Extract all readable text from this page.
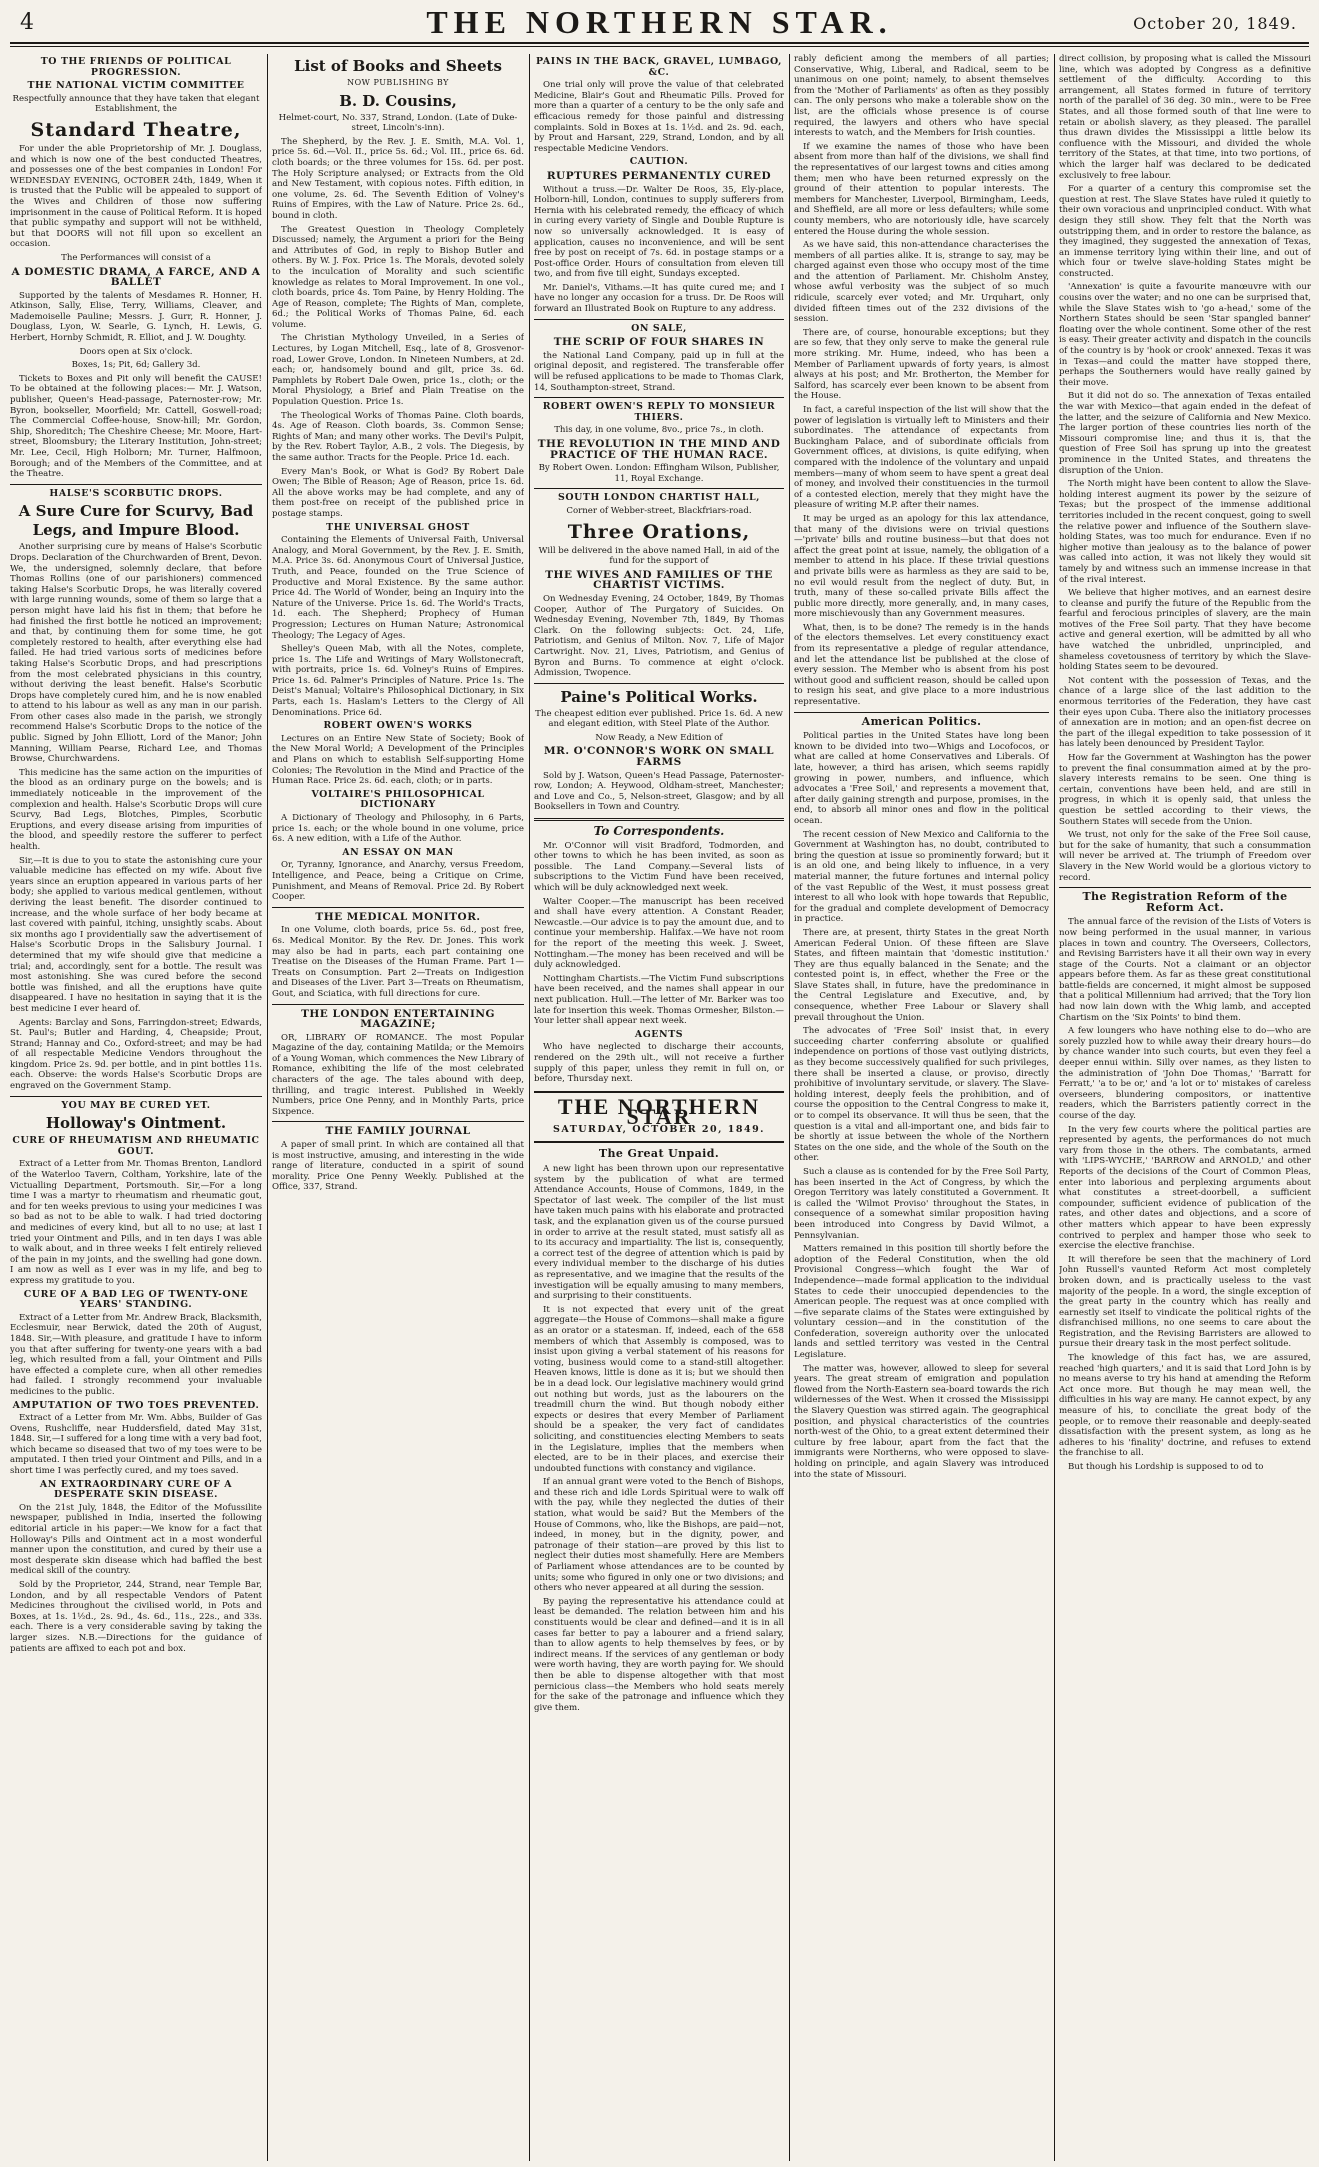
4	THE NORTHERN STAR.	October 20, 1849.
TO THE FRIENDS OF POLITICAL PROGRESSION.
THE NATIONAL VICTIM COMMITTEE

Respectfully announce that they have taken that elegant Establishment, the

Standard Theatre,

For under the able Proprietorship of Mr. J. Douglass, and which is now one of the best conducted Theatres, and possesses one of the best companies in London! For WEDNESDAY EVENING, OCTOBER 24th, 1849, When it is trusted that the Public will be appealed to support of the Wives and Children of those now suffering imprisonment in the cause of Political Reform. It is hoped that public sympathy and support will not be withheld, but that DOORS will not fill upon so excellent an occasion.

The Performances will consist of a

A DOMESTIC DRAMA, A FARCE, AND A BALLET

Supported by the talents of Mesdames R. Honner, H. Atkinson, Sally, Elise, Terry, Williams, Cleaver, and Mademoiselle Pauline; Messrs. J. Gurr, R. Honner, J. Douglass, Lyon, W. Searle, G. Lynch, H. Lewis, G. Herbert, Hornby Schmidt, R. Elliot, and J. W. Doughty.

Doors open at Six o'clock.

Boxes, 1s; Pit, 6d; Gallery 3d.

Tickets to Boxes and Pit only will benefit the CAUSE! To be obtained at the following places:— Mr. J. Watson, publisher, Queen's Head-passage, Paternoster-row; Mr. Byron, bookseller, Moorfield; Mr. Cattell, Goswell-road; The Commercial Coffee-house, Snow-hill; Mr. Gordon, Ship, Shoreditch; The Cheshire Cheese; Mr. Moore, Hart-street, Bloomsbury; the Literary Institution, John-street; Mr. Lee, Cecil, High Holborn; Mr. Turner, Halfmoon, Borough; and of the Members of the Committee, and at the Theatre.

HALSE'S SCORBUTIC DROPS.
A Sure Cure for Scurvy, Bad Legs, and Impure Blood.

Another surprising cure by means of Halse's Scorbutic Drops. Declaration of the Churchwarden of Brent, Devon. We, the undersigned, solemnly declare, that before Thomas Rollins (one of our parishioners) commenced taking Halse's Scorbutic Drops, he was literally covered with large running wounds, some of them so large that a person might have laid his fist in them; that before he had finished the first bottle he noticed an improvement; and that, by continuing them for some time, he got completely restored to health, after everything else had failed. He had tried various sorts of medicines before taking Halse's Scorbutic Drops, and had prescriptions from the most celebrated physicians in this country, without deriving the least benefit. Halse's Scorbutic Drops have completely cured him, and he is now enabled to attend to his labour as well as any man in our parish. From other cases also made in the parish, we strongly recommend Halse's Scorbutic Drops to the notice of the public. Signed by John Elliott, Lord of the Manor; John Manning, William Pearse, Richard Lee, and Thomas Browse, Churchwardens.

This medicine has the same action on the impurities of the blood as an ordinary purge on the bowels; and is immediately noticeable in the improvement of the complexion and health. Halse's Scorbutic Drops will cure Scurvy, Bad Legs, Blotches, Pimples, Scorbutic Eruptions, and every disease arising from impurities of the blood, and speedily restore the sufferer to perfect health.

Sir,—It is due to you to state the astonishing cure your valuable medicine has effected on my wife. About five years since an eruption appeared in various parts of her body; she applied to various medical gentlemen, without deriving the least benefit. The disorder continued to increase, and the whole surface of her body became at last covered with painful, itching, unsightly scabs. About six months ago I providentially saw the advertisement of Halse's Scorbutic Drops in the Salisbury Journal. I determined that my wife should give that medicine a trial; and, accordingly, sent for a bottle. The result was most astonishing. She was cured before the second bottle was finished, and all the eruptions have quite disappeared. I have no hesitation in saying that it is the best medicine I ever heard of.

Agents: Barclay and Sons, Farringdon-street; Edwards, St. Paul's; Butler and Harding, 4, Cheapside; Prout, Strand; Hannay and Co., Oxford-street; and may be had of all respectable Medicine Vendors throughout the kingdom. Price 2s. 9d. per bottle, and in pint bottles 11s. each. Observe: the words Halse's Scorbutic Drops are engraved on the Government Stamp.

YOU MAY BE CURED YET.
Holloway's Ointment.
CURE OF RHEUMATISM AND RHEUMATIC GOUT.

Extract of a Letter from Mr. Thomas Brenton, Landlord of the Waterloo Tavern, Coltham, Yorkshire, late of the Victualling Department, Portsmouth. Sir,—For a long time I was a martyr to rheumatism and rheumatic gout, and for ten weeks previous to using your medicines I was so bad as not to be able to walk. I had tried doctoring and medicines of every kind, but all to no use; at last I tried your Ointment and Pills, and in ten days I was able to walk about, and in three weeks I felt entirely relieved of the pain in my joints, and the swelling had gone down. I am now as well as I ever was in my life, and beg to express my gratitude to you.

CURE OF A BAD LEG OF TWENTY-ONE YEARS' STANDING.

Extract of a Letter from Mr. Andrew Brack, Blacksmith, Ecclesmuir, near Berwick, dated the 20th of August, 1848. Sir,—With pleasure, and gratitude I have to inform you that after suffering for twenty-one years with a bad leg, which resulted from a fall, your Ointment and Pills have effected a complete cure, when all other remedies had failed. I strongly recommend your invaluable medicines to the public.

AMPUTATION OF TWO TOES PREVENTED.

Extract of a Letter from Mr. Wm. Abbs, Builder of Gas Ovens, Rushcliffe, near Huddersfield, dated May 31st, 1848. Sir,—I suffered for a long time with a very bad foot, which became so diseased that two of my toes were to be amputated. I then tried your Ointment and Pills, and in a short time I was perfectly cured, and my toes saved.

AN EXTRAORDINARY CURE OF A DESPERATE SKIN DISEASE.

On the 21st July, 1848, the Editor of the Mofussilite newspaper, published in India, inserted the following editorial article in his paper:—We know for a fact that Holloway's Pills and Ointment act in a most wonderful manner upon the constitution, and cured by their use a most desperate skin disease which had baffled the best medical skill of the country.

Sold by the Proprietor, 244, Strand, near Temple Bar, London, and by all respectable Vendors of Patent Medicines throughout the civilised world, in Pots and Boxes, at 1s. 1½d., 2s. 9d., 4s. 6d., 11s., 22s., and 33s. each. There is a very considerable saving by taking the larger sizes. N.B.—Directions for the guidance of patients are affixed to each pot and box.

List of Books and Sheets

NOW PUBLISHING BY

B. D. Cousins,

Helmet-court, No. 337, Strand, London. (Late of Duke-street, Lincoln's-inn).

The Shepherd, by the Rev. J. E. Smith, M.A. Vol. 1, price 5s. 6d.—Vol. II., price 5s. 6d.; Vol. III., price 6s. 6d. cloth boards; or the three volumes for 15s. 6d. per post. The Holy Scripture analysed; or Extracts from the Old and New Testament, with copious notes. Fifth edition, in one volume, 2s. 6d. The Seventh Edition of Volney's Ruins of Empires, with the Law of Nature. Price 2s. 6d., bound in cloth.

The Greatest Question in Theology Completely Discussed; namely, the Argument a priori for the Being and Attributes of God, in reply to Bishop Butler and others. By W. J. Fox. Price 1s. The Morals, devoted solely to the inculcation of Morality and such scientific knowledge as relates to Moral Improvement. In one vol., cloth boards, price 4s. Tom Paine, by Henry Holding. The Age of Reason, complete; The Rights of Man, complete, 6d.; the Political Works of Thomas Paine, 6d. each volume.

The Christian Mythology Unveiled, in a Series of Lectures, by Logan Mitchell, Esq., late of 8, Grosvenor-road, Lower Grove, London. In Nineteen Numbers, at 2d. each; or, handsomely bound and gilt, price 3s. 6d. Pamphlets by Robert Dale Owen, price 1s., cloth; or the Moral Physiology, a Brief and Plain Treatise on the Population Question. Price 1s.

The Theological Works of Thomas Paine. Cloth boards, 4s. Age of Reason. Cloth boards, 3s. Common Sense; Rights of Man; and many other works. The Devil's Pulpit, by the Rev. Robert Taylor, A.B., 2 vols. The Diegesis, by the same author. Tracts for the People. Price 1d. each.

Every Man's Book, or What is God? By Robert Dale Owen; The Bible of Reason; Age of Reason, price 1s. 6d. All the above works may be had complete, and any of them post-free on receipt of the published price in postage stamps.

THE UNIVERSAL GHOST

Containing the Elements of Universal Faith, Universal Analogy, and Moral Government, by the Rev. J. E. Smith, M.A. Price 3s. 6d. Anonymous Court of Universal Justice, Truth, and Peace, founded on the True Science of Productive and Moral Existence. By the same author. Price 4d. The World of Wonder, being an Inquiry into the Nature of the Universe. Price 1s. 6d. The World's Tracts, 1d. each. The Shepherd; Prophecy of Human Progression; Lectures on Human Nature; Astronomical Theology; The Legacy of Ages.

Shelley's Queen Mab, with all the Notes, complete, price 1s. The Life and Writings of Mary Wollstonecraft, with portraits, price 1s. 6d. Volney's Ruins of Empires. Price 1s. 6d. Palmer's Principles of Nature. Price 1s. The Deist's Manual; Voltaire's Philosophical Dictionary, in Six Parts, each 1s. Haslam's Letters to the Clergy of All Denominations. Price 6d.

ROBERT OWEN'S WORKS

Lectures on an Entire New State of Society; Book of the New Moral World; A Development of the Principles and Plans on which to establish Self-supporting Home Colonies; The Revolution in the Mind and Practice of the Human Race. Price 2s. 6d. each, cloth; or in parts.

VOLTAIRE'S PHILOSOPHICAL DICTIONARY

A Dictionary of Theology and Philosophy, in 6 Parts, price 1s. each; or the whole bound in one volume, price 6s. A new edition, with a Life of the Author.

AN ESSAY ON MAN

Or, Tyranny, Ignorance, and Anarchy, versus Freedom, Intelligence, and Peace, being a Critique on Crime, Punishment, and Means of Removal. Price 2d. By Robert Cooper.

THE MEDICAL MONITOR.

In one Volume, cloth boards, price 5s. 6d., post free, 6s. Medical Monitor. By the Rev. Dr. Jones. This work may also be had in parts, each part containing one Treatise on the Diseases of the Human Frame. Part 1—Treats on Consumption. Part 2—Treats on Indigestion and Diseases of the Liver. Part 3—Treats on Rheumatism, Gout, and Sciatica, with full directions for cure.

THE LONDON ENTERTAINING MAGAZINE;

OR, LIBRARY OF ROMANCE. The most Popular Magazine of the day, containing Matilda; or the Memoirs of a Young Woman, which commences the New Library of Romance, exhibiting the life of the most celebrated characters of the age. The tales abound with deep, thrilling, and tragic interest. Published in Weekly Numbers, price One Penny, and in Monthly Parts, price Sixpence.

THE FAMILY JOURNAL

A paper of small print. In which are contained all that is most instructive, amusing, and interesting in the wide range of literature, conducted in a spirit of sound morality. Price One Penny Weekly. Published at the Office, 337, Strand.

PAINS IN THE BACK, GRAVEL, LUMBAGO, &C.

One trial only will prove the value of that celebrated Medicine, Blair's Gout and Rheumatic Pills. Proved for more than a quarter of a century to be the only safe and efficacious remedy for those painful and distressing complaints. Sold in Boxes at 1s. 1½d. and 2s. 9d. each, by Prout and Harsant, 229, Strand, London, and by all respectable Medicine Vendors.

CAUTION.
RUPTURES PERMANENTLY CURED

Without a truss.—Dr. Walter De Roos, 35, Ely-place, Holborn-hill, London, continues to supply sufferers from Hernia with his celebrated remedy, the efficacy of which in curing every variety of Single and Double Rupture is now so universally acknowledged. It is easy of application, causes no inconvenience, and will be sent free by post on receipt of 7s. 6d. in postage stamps or a Post-office Order. Hours of consultation from eleven till two, and from five till eight, Sundays excepted.

Mr. Daniel's, Vithams.—It has quite cured me; and I have no longer any occasion for a truss. Dr. De Roos will forward an Illustrated Book on Rupture to any address.

ON SALE,
THE SCRIP OF FOUR SHARES IN

the National Land Company, paid up in full at the original deposit, and registered. The transferable offer will be refused applications to be made to Thomas Clark, 14, Southampton-street, Strand.

ROBERT OWEN'S REPLY TO MONSIEUR THIERS.

This day, in one volume, 8vo., price 7s., in cloth.

THE REVOLUTION IN THE MIND AND PRACTICE OF THE HUMAN RACE.

By Robert Owen. London: Effingham Wilson, Publisher, 11, Royal Exchange.

SOUTH LONDON CHARTIST HALL,

Corner of Webber-street, Blackfriars-road.

Three Orations,

Will be delivered in the above named Hall, in aid of the fund for the support of

THE WIVES AND FAMILIES OF THE CHARTIST VICTIMS.

On Wednesday Evening, 24 October, 1849, By Thomas Cooper, Author of The Purgatory of Suicides. On Wednesday Evening, November 7th, 1849, By Thomas Clark. On the following subjects: Oct. 24, Life, Patriotism, and Genius of Milton. Nov. 7, Life of Major Cartwright. Nov. 21, Lives, Patriotism, and Genius of Byron and Burns. To commence at eight o'clock. Admission, Twopence.

Paine's Political Works.

The cheapest edition ever published. Price 1s. 6d. A new and elegant edition, with Steel Plate of the Author.

Now Ready, a New Edition of

MR. O'CONNOR'S WORK ON SMALL FARMS

Sold by J. Watson, Queen's Head Passage, Paternoster-row, London; A. Heywood, Oldham-street, Manchester; and Love and Co., 5, Nelson-street, Glasgow; and by all Booksellers in Town and Country.

To Correspondents.

Mr. O'Connor will visit Bradford, Todmorden, and other towns to which he has been invited, as soon as possible. The Land Company.—Several lists of subscriptions to the Victim Fund have been received, which will be duly acknowledged next week.

Walter Cooper.—The manuscript has been received and shall have every attention. A Constant Reader, Newcastle.—Our advice is to pay the amount due, and to continue your membership. Halifax.—We have not room for the report of the meeting this week. J. Sweet, Nottingham.—The money has been received and will be duly acknowledged.

Nottingham Chartists.—The Victim Fund subscriptions have been received, and the names shall appear in our next publication. Hull.—The letter of Mr. Barker was too late for insertion this week. Thomas Ormesher, Bilston.—Your letter shall appear next week.

AGENTS

Who have neglected to discharge their accounts, rendered on the 29th ult., will not receive a further supply of this paper, unless they remit in full on, or before, Thursday next.

THE NORTHERN STAR
SATURDAY, OCTOBER 20, 1849.
The Great Unpaid.

A new light has been thrown upon our representative system by the publication of what are termed Attendance Accounts, House of Commons, 1849, in the Spectator of last week. The compiler of the list must have taken much pains with his elaborate and protracted task, and the explanation given us of the course pursued in order to arrive at the result stated, must satisfy all as to its accuracy and impartiality. The list is, consequently, a correct test of the degree of attention which is paid by every individual member to the discharge of his duties as representative, and we imagine that the results of the investigation will be equally amusing to many members, and surprising to their constituents.

It is not expected that every unit of the great aggregate—the House of Commons—shall make a figure as an orator or a statesman. If, indeed, each of the 658 members of which that Assembly is composed, was to insist upon giving a verbal statement of his reasons for voting, business would come to a stand-still altogether. Heaven knows, little is done as it is; but we should then be in a dead lock. Our legislative machinery would grind out nothing but words, just as the labourers on the treadmill churn the wind. But though nobody either expects or desires that every Member of Parliament should be a speaker, the very fact of candidates soliciting, and constituencies electing Members to seats in the Legislature, implies that the members when elected, are to be in their places, and exercise their undoubted functions with constancy and vigilance.

If an annual grant were voted to the Bench of Bishops, and these rich and idle Lords Spiritual were to walk off with the pay, while they neglected the duties of their station, what would be said? But the Members of the House of Commons, who, like the Bishops, are paid—not, indeed, in money, but in the dignity, power, and patronage of their station—are proved by this list to neglect their duties most shamefully. Here are Members of Parliament whose attendances are to be counted by units; some who figured in only one or two divisions; and others who never appeared at all during the session.

By paying the representative his attendance could at least be demanded. The relation between him and his constituents would be clear and defined—and it is in all cases far better to pay a labourer and a friend salary, than to allow agents to help themselves by fees, or by indirect means. If the services of any gentleman or body were worth having, they are worth paying for. We should then be able to dispense altogether with that most pernicious class—the Members who hold seats merely for the sake of the patronage and influence which they give them.

rably deficient among the members of all parties; Conservative, Whig, Liberal, and Radical, seem to be unanimous on one point; namely, to absent themselves from the 'Mother of Parliaments' as often as they possibly can. The only persons who make a tolerable show on the list, are the officials whose presence is of course required, the lawyers and others who have special interests to watch, and the Members for Irish counties.

If we examine the names of those who have been absent from more than half of the divisions, we shall find the representatives of our largest towns and cities among them; men who have been returned expressly on the ground of their attention to popular interests. The members for Manchester, Liverpool, Birmingham, Leeds, and Sheffield, are all more or less defaulters; while some county members, who are notoriously idle, have scarcely entered the House during the whole session.

As we have said, this non-attendance characterises the members of all parties alike. It is, strange to say, may be charged against even those who occupy most of the time and the attention of Parliament. Mr. Chisholm Anstey, whose awful verbosity was the subject of so much ridicule, scarcely ever voted; and Mr. Urquhart, only divided fifteen times out of the 232 divisions of the session.

There are, of course, honourable exceptions; but they are so few, that they only serve to make the general rule more striking. Mr. Hume, indeed, who has been a Member of Parliament upwards of forty years, is almost always at his post; and Mr. Brotherton, the Member for Salford, has scarcely ever been known to be absent from the House.

In fact, a careful inspection of the list will show that the power of legislation is virtually left to Ministers and their subordinates. The attendance of expectants from Buckingham Palace, and of subordinate officials from Government offices, at divisions, is quite edifying, when compared with the indolence of the voluntary and unpaid members—many of whom seem to have spent a great deal of money, and involved their constituencies in the turmoil of a contested election, merely that they might have the pleasure of writing M.P. after their names.

It may be urged as an apology for this lax attendance, that many of the divisions were on trivial questions—'private' bills and routine business—but that does not affect the great point at issue, namely, the obligation of a member to attend in his place. If these trivial questions and private bills were as harmless as they are said to be, no evil would result from the neglect of duty. But, in truth, many of these so-called private Bills affect the public more directly, more generally, and, in many cases, more mischievously than any Government measures.

What, then, is to be done? The remedy is in the hands of the electors themselves. Let every constituency exact from its representative a pledge of regular attendance, and let the attendance list be published at the close of every session. The Member who is absent from his post without good and sufficient reason, should be called upon to resign his seat, and give place to a more industrious representative.

American Politics.

Political parties in the United States have long been known to be divided into two—Whigs and Locofocos, or what are called at home Conservatives and Liberals. Of late, however, a third has arisen, which seems rapidly growing in power, numbers, and influence, which advocates a 'Free Soil,' and represents a movement that, after daily gaining strength and purpose, promises, in the end, to absorb all minor ones and flow in the political ocean.

The recent cession of New Mexico and California to the Government at Washington has, no doubt, contributed to bring the question at issue so prominently forward; but it is an old one, and being likely to influence, in a very material manner, the future fortunes and internal policy of the vast Republic of the West, it must possess great interest to all who look with hope towards that Republic, for the gradual and complete development of Democracy in practice.

There are, at present, thirty States in the great North American Federal Union. Of these fifteen are Slave States, and fifteen maintain that 'domestic institution.' They are thus equally balanced in the Senate; and the contested point is, in effect, whether the Free or the Slave States shall, in future, have the predominance in the Central Legislature and Executive, and, by consequence, whether Free Labour or Slavery shall prevail throughout the Union.

The advocates of 'Free Soil' insist that, in every succeeding charter conferring absolute or qualified independence on portions of those vast outlying districts, as they become successively qualified for such privileges, there shall be inserted a clause, or proviso, directly prohibitive of involuntary servitude, or slavery. The Slave-holding interest, deeply feels the prohibition, and of course the opposition to the Central Congress to make it, or to compel its observance. It will thus be seen, that the question is a vital and all-important one, and bids fair to be shortly at issue between the whole of the Northern States on the one side, and the whole of the South on the other.

Such a clause as is contended for by the Free Soil Party, has been inserted in the Act of Congress, by which the Oregon Territory was lately constituted a Government. It is called the 'Wilmot Proviso' throughout the States, in consequence of a somewhat similar proposition having been introduced into Congress by David Wilmot, a Pennsylvanian.

Matters remained in this position till shortly before the adoption of the Federal Constitution, when the old Provisional Congress—which fought the War of Independence—made formal application to the individual States to cede their unoccupied dependencies to the American people. The request was at once complied with—five separate claims of the States were extinguished by voluntary cession—and in the constitution of the Confederation, sovereign authority over the unlocated lands and settled territory was vested in the Central Legislature.

The matter was, however, allowed to sleep for several years. The great stream of emigration and population flowed from the North-Eastern sea-board towards the rich wildernesses of the West. When it crossed the Mississippi the Slavery Question was stirred again. The geographical position, and physical characteristics of the countries north-west of the Ohio, to a great extent determined their culture by free labour, apart from the fact that the immigrants were Northerns, who were opposed to slave-holding on principle, and again Slavery was introduced into the state of Missouri.

direct collision, by proposing what is called the Missouri line, which was adopted by Congress as a definitive settlement of the difficulty. According to this arrangement, all States formed in future of territory north of the parallel of 36 deg. 30 min., were to be Free States, and all those formed south of that line were to retain or abolish slavery, as they pleased. The parallel thus drawn divides the Mississippi a little below its confluence with the Missouri, and divided the whole territory of the States, at that time, into two portions, of which the larger half was declared to be dedicated exclusively to free labour.

For a quarter of a century this compromise set the question at rest. The Slave States have ruled it quietly to their own voracious and unprincipled conduct. With what design they still show. They felt that the North was outstripping them, and in order to restore the balance, as they imagined, they suggested the annexation of Texas, an immense territory lying within their line, and out of which four or twelve slave-holding States might be constructed.

'Annexation' is quite a favourite manœuvre with our cousins over the water; and no one can be surprised that, while the Slave States wish to 'go a-head,' some of the Northern States should be seen 'Star spangled banner' floating over the whole continent. Some other of the rest is easy. Their greater activity and dispatch in the councils of the country is by 'hook or crook' annexed. Texas it was in Texas—and could the matter have stopped there, perhaps the Southerners would have really gained by their move.

But it did not do so. The annexation of Texas entailed the war with Mexico—that again ended in the defeat of the latter, and the seizure of California and New Mexico. The larger portion of these countries lies north of the Missouri compromise line; and thus it is, that the question of Free Soil has sprung up into the greatest prominence in the United States, and threatens the disruption of the Union.

The North might have been content to allow the Slave-holding interest augment its power by the seizure of Texas; but the prospect of the immense additional territories included in the recent conquest, going to swell the relative power and influence of the Southern slave-holding States, was too much for endurance. Even if no higher motive than jealousy as to the balance of power was called into action, it was not likely they would sit tamely by and witness such an immense increase in that of the rival interest.

We believe that higher motives, and an earnest desire to cleanse and purify the future of the Republic from the fearful and ferocious principles of slavery, are the main motives of the Free Soil party. That they have become active and general exertion, will be admitted by all who have watched the unbridled, unprincipled, and shameless covetousness of territory by which the Slave-holding States seem to be devoured.

Not content with the possession of Texas, and the chance of a large slice of the last addition to the enormous territories of the Federation, they have cast their eyes upon Cuba. There also the initiatory processes of annexation are in motion; and an open-fist decree on the part of the illegal expedition to take possession of it has lately been denounced by President Taylor.

How far the Government at Washington has the power to prevent the final consummation aimed at by the pro-slavery interests remains to be seen. One thing is certain, conventions have been held, and are still in progress, in which it is openly said, that unless the question be settled according to their views, the Southern States will secede from the Union.

We trust, not only for the sake of the Free Soil cause, but for the sake of humanity, that such a consummation will never be arrived at. The triumph of Freedom over Slavery in the New World would be a glorious victory to record.

The Registration Reform of the Reform Act.

The annual farce of the revision of the Lists of Voters is now being performed in the usual manner, in various places in town and country. The Overseers, Collectors, and Revising Barristers have it all their own way in every stage of the Courts. Not a claimant or an objector appears before them. As far as these great constitutional battle-fields are concerned, it might almost be supposed that a political Millennium had arrived; that the Tory lion had now lain down with the Whig lamb, and accepted Chartism on the 'Six Points' to bind them.

A few loungers who have nothing else to do—who are sorely puzzled how to while away their dreary hours—do by chance wander into such courts, but even they feel a deeper ennui within. Silly over names, as they listen to the administration of 'John Doe Thomas,' 'Barratt for Ferratt,' 'a to be or,' and 'a lot or to' mistakes of careless overseers, blundering compositors, or inattentive readers, which the Barristers patiently correct in the course of the day.

In the very few courts where the political parties are represented by agents, the performances do not much vary from those in the others. The combatants, armed with 'LIPS-WYCHE,' 'BARROW and ARNOLD,' and other Reports of the decisions of the Court of Common Pleas, enter into laborious and perplexing arguments about what constitutes a street-doorbell, a sufficient compounder, sufficient evidence of publication of the rates, and other dates and objections, and a score of other matters which appear to have been expressly contrived to perplex and hamper those who seek to exercise the elective franchise.

It will therefore be seen that the machinery of Lord John Russell's vaunted Reform Act most completely broken down, and is practically useless to the vast majority of the people. In a word, the single exception of the great party in the country which has really and earnestly set itself to vindicate the political rights of the disfranchised millions, no one seems to care about the Registration, and the Revising Barristers are allowed to pursue their dreary task in the most perfect solitude.

The knowledge of this fact has, we are assured, reached 'high quarters,' and it is said that Lord John is by no means averse to try his hand at amending the Reform Act once more. But though he may mean well, the difficulties in his way are many. He cannot expect, by any measure of his, to conciliate the great body of the people, or to remove their reasonable and deeply-seated dissatisfaction with the present system, as long as he adheres to his 'finality' doctrine, and refuses to extend the franchise to all.

But though his Lordship is supposed to od to
